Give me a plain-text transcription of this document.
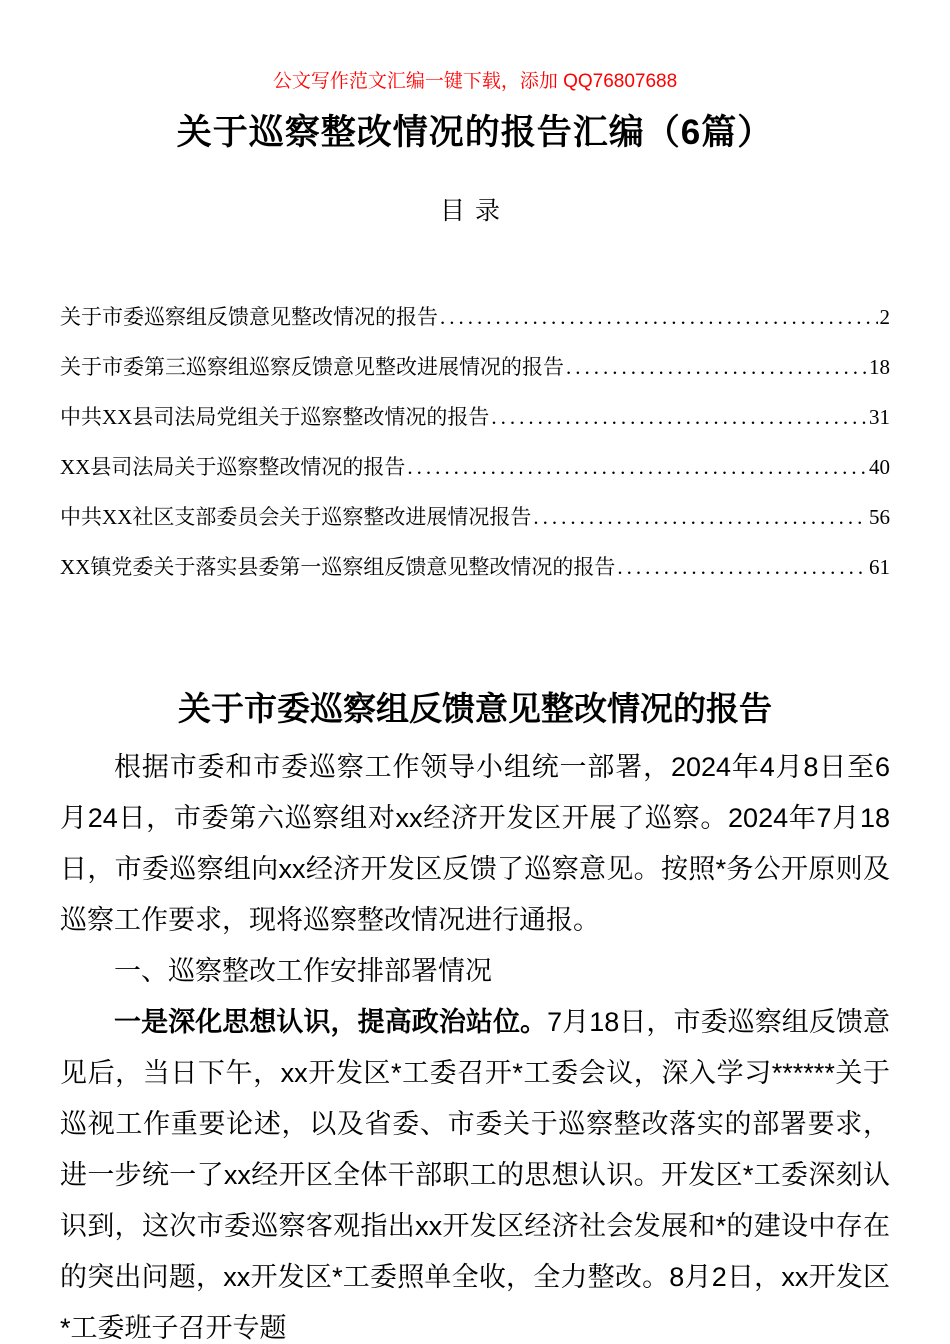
公文写作范文汇编一键下载，添加 QQ76807688
关于巡察整改情况的报告汇编（6篇）
目录
关于市委巡察组反馈意见整改情况的报告 .....	2
关于市委第三巡察组巡察反馈意见整改进展情况的报告 .....	18
中共XX县司法局党组关于巡察整改情况的报告 .....	31
XX县司法局关于巡察整改情况的报告 .....	40
中共XX社区支部委员会关于巡察整改进展情况报告 .....	56
XX镇党委关于落实县委第一巡察组反馈意见整改情况的报告 .....	61
关于市委巡察组反馈意见整改情况的报告

根据市委和市委巡察工作领导小组统一部署，2024年4月8日至6月24日，市委第六巡察组对xx经济开发区开展了巡察。2024年7月18日，市委巡察组向xx经济开发区反馈了巡察意见。按照*务公开原则及巡察工作要求，现将巡察整改情况进行通报。

一、巡察整改工作安排部署情况

一是深化思想认识，提高政治站位。7月18日，市委巡察组反馈意见后，当日下午，xx开发区*工委召开*工委会议，深入学习******关于巡视工作重要论述，以及省委、市委关于巡察整改落实的部署要求，进一步统一了xx经开区全体干部职工的思想认识。开发区*工委深刻认识到，这次市委巡察客观指出xx开发区经济社会发展和*的建设中存在的突出问题，xx开发区*工委照单全收，全力整改。8月2日，xx开发区*工委班子召开专题
